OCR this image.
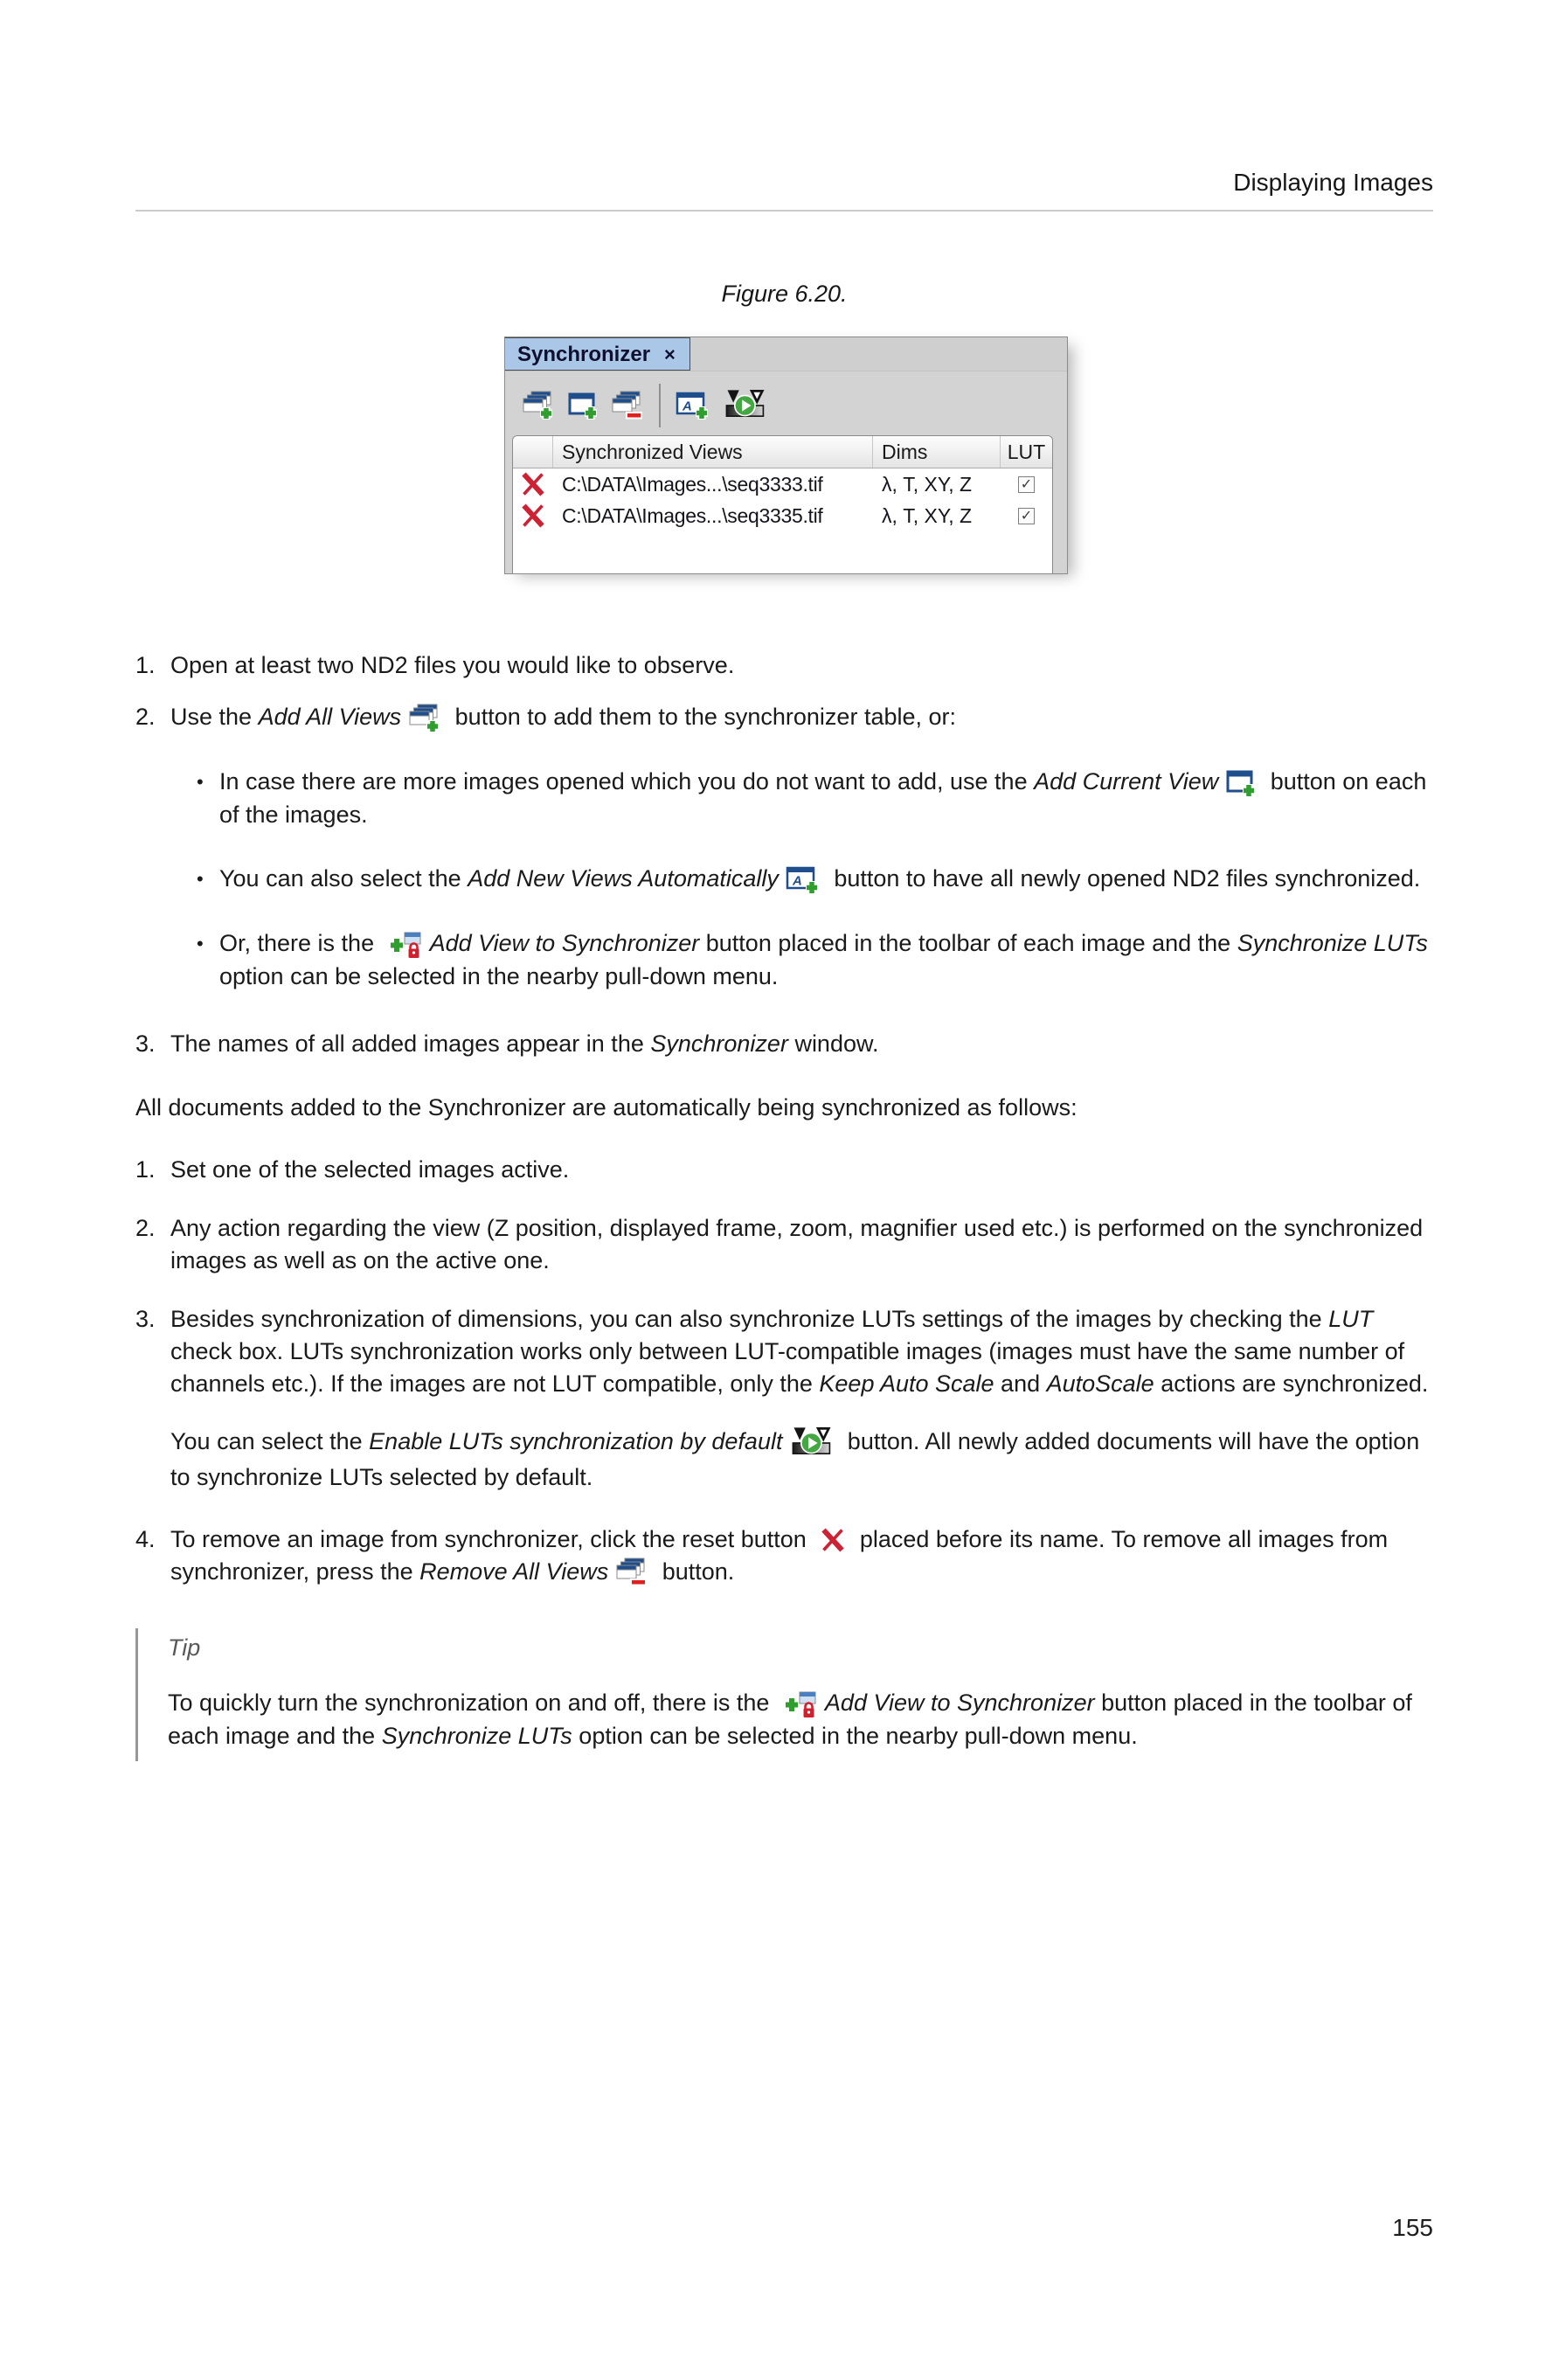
Displaying Images
Figure 6.20.
Synchronizer ×
A
Synchronized Views	Dims	LUT
C:\DATA\Images...\seq3333.tif	λ, T, XY, Z	✓
C:\DATA\Images...\seq3335.tif	λ, T, XY, Z	✓
1. Open at least two ND2 files you would like to observe.
2. Use the Add All Views
button to add them to the synchronizer table, or:
• In case there are more images opened which you do not want to add, use the Add Current View
button on each of the images.
• You can also select the Add New Views Automatically A button to have all newly opened ND2 files synchronized.
• Or, there is the
Add View to Synchronizer button placed in the toolbar of each image and the Synchronize LUTs option can be selected in the nearby pull-down menu.
3. The names of all added images appear in the Synchronizer window.
All documents added to the Synchronizer are automatically being synchronized as follows:
1. Set one of the selected images active.
2. Any action regarding the view (Z position, displayed frame, zoom, magnifier used etc.) is performed on the synchronized images as well as on the active one.
3. Besides synchronization of dimensions, you can also synchronize LUTs settings of the images by checking the LUT check box. LUTs synchronization works only between LUT-compatible images (images must have the same number of channels etc.). If the images are not LUT compatible, only the Keep Auto Scale and AutoScale actions are synchronized.
You can select the Enable LUTs synchronization by default
button. All newly added documents will have the option to synchronize LUTs selected by default.
4. To remove an image from synchronizer, click the reset button
placed before its name. To remove all images from synchronizer, press the Remove All Views
button.
Tip
To quickly turn the synchronization on and off, there is the
Add View to Synchronizer button placed in the toolbar of each image and the Synchronize LUTs option can be selected in the nearby pull-down menu.
155
